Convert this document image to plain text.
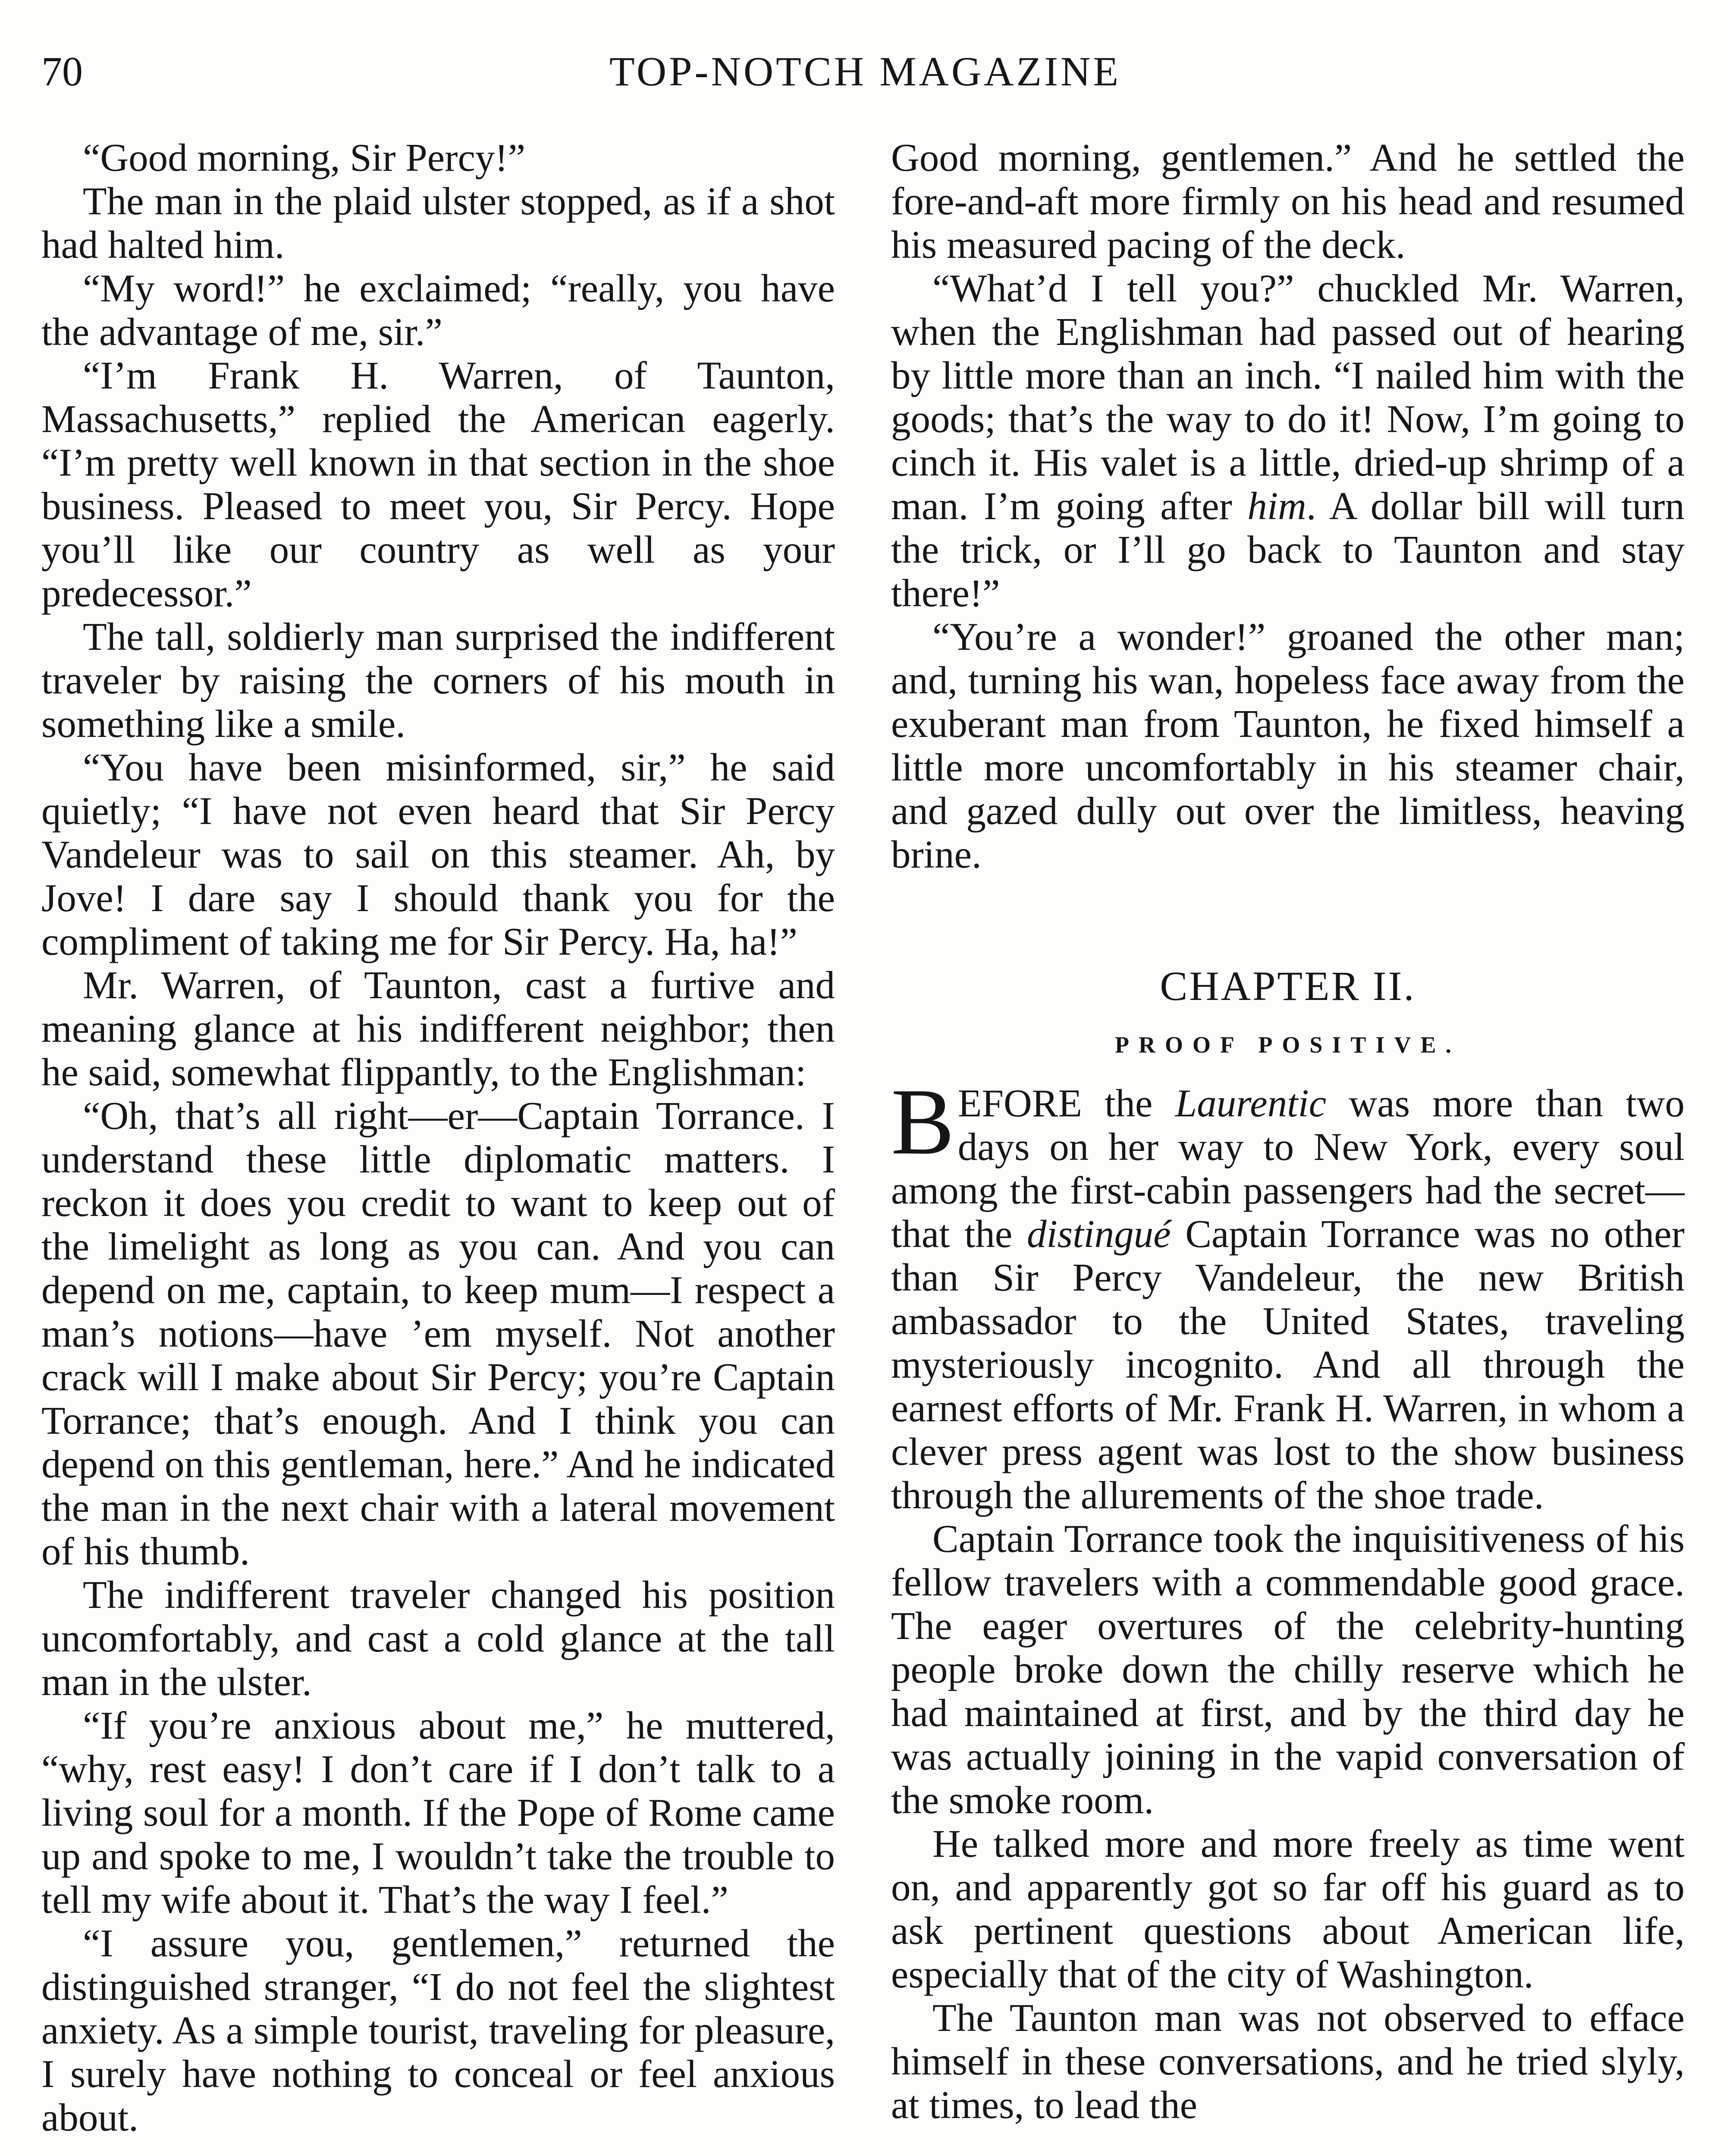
70	TOP-NOTCH MAGAZINE

“Good morning, Sir Percy!”

The man in the plaid ulster stopped, as if a shot had halted him.

“My word!” he exclaimed; “really, you have the advantage of me, sir.”

“I’m Frank H. Warren, of Taunton, Massachusetts,” replied the American eagerly. “I’m pretty well known in that section in the shoe business. Pleased to meet you, Sir Percy. Hope you’ll like our country as well as your predecessor.”

The tall, soldierly man surprised the indifferent traveler by raising the corners of his mouth in something like a smile.

“You have been misinformed, sir,” he said quietly; “I have not even heard that Sir Percy Vandeleur was to sail on this steamer. Ah, by Jove! I dare say I should thank you for the compliment of taking me for Sir Percy. Ha, ha!”

Mr. Warren, of Taunton, cast a furtive and meaning glance at his indifferent neighbor; then he said, somewhat flippantly, to the Englishman:

“Oh, that’s all right—er—Captain Torrance. I understand these little diplomatic matters. I reckon it does you credit to want to keep out of the limelight as long as you can. And you can depend on me, captain, to keep mum—I respect a man’s notions—have ’em myself. Not another crack will I make about Sir Percy; you’re Captain Torrance; that’s enough. And I think you can depend on this gentleman, here.” And he indicated the man in the next chair with a lateral movement of his thumb.

The indifferent traveler changed his position uncomfortably, and cast a cold glance at the tall man in the ulster.

“If you’re anxious about me,” he muttered, “why, rest easy! I don’t care if I don’t talk to a living soul for a month. If the Pope of Rome came up and spoke to me, I wouldn’t take the trouble to tell my wife about it. That’s the way I feel.”

“I assure you, gentlemen,” returned the distinguished stranger, “I do not feel the slightest anxiety. As a simple tourist, traveling for pleasure, I surely have nothing to conceal or feel anxious about.

Good morning, gentlemen.” And he settled the fore-and-aft more firmly on his head and resumed his measured pacing of the deck.

“What’d I tell you?” chuckled Mr. Warren, when the Englishman had passed out of hearing by little more than an inch. “I nailed him with the goods; that’s the way to do it! Now, I’m going to cinch it. His valet is a little, dried-up shrimp of a man. I’m going after him. A dollar bill will turn the trick, or I’ll go back to Taunton and stay there!”

“You’re a wonder!” groaned the other man; and, turning his wan, hopeless face away from the exuberant man from Taunton, he fixed himself a little more uncomfortably in his steamer chair, and gazed dully out over the limitless, heaving brine.

CHAPTER II.
PROOF POSITIVE.

BEFORE the Laurentic was more than two days on her way to New York, every soul among the first-cabin passengers had the secret—that the distingué Captain Torrance was no other than Sir Percy Vandeleur, the new British ambassador to the United States, traveling mysteriously incognito. And all through the earnest efforts of Mr. Frank H. Warren, in whom a clever press agent was lost to the show business through the allurements of the shoe trade.

Captain Torrance took the inquisitiveness of his fellow travelers with a commendable good grace. The eager overtures of the celebrity-hunting people broke down the chilly reserve which he had maintained at first, and by the third day he was actually joining in the vapid conversation of the smoke room.

He talked more and more freely as time went on, and apparently got so far off his guard as to ask pertinent questions about American life, especially that of the city of Washington.

The Taunton man was not observed to efface himself in these conversations, and he tried slyly, at times, to lead the
